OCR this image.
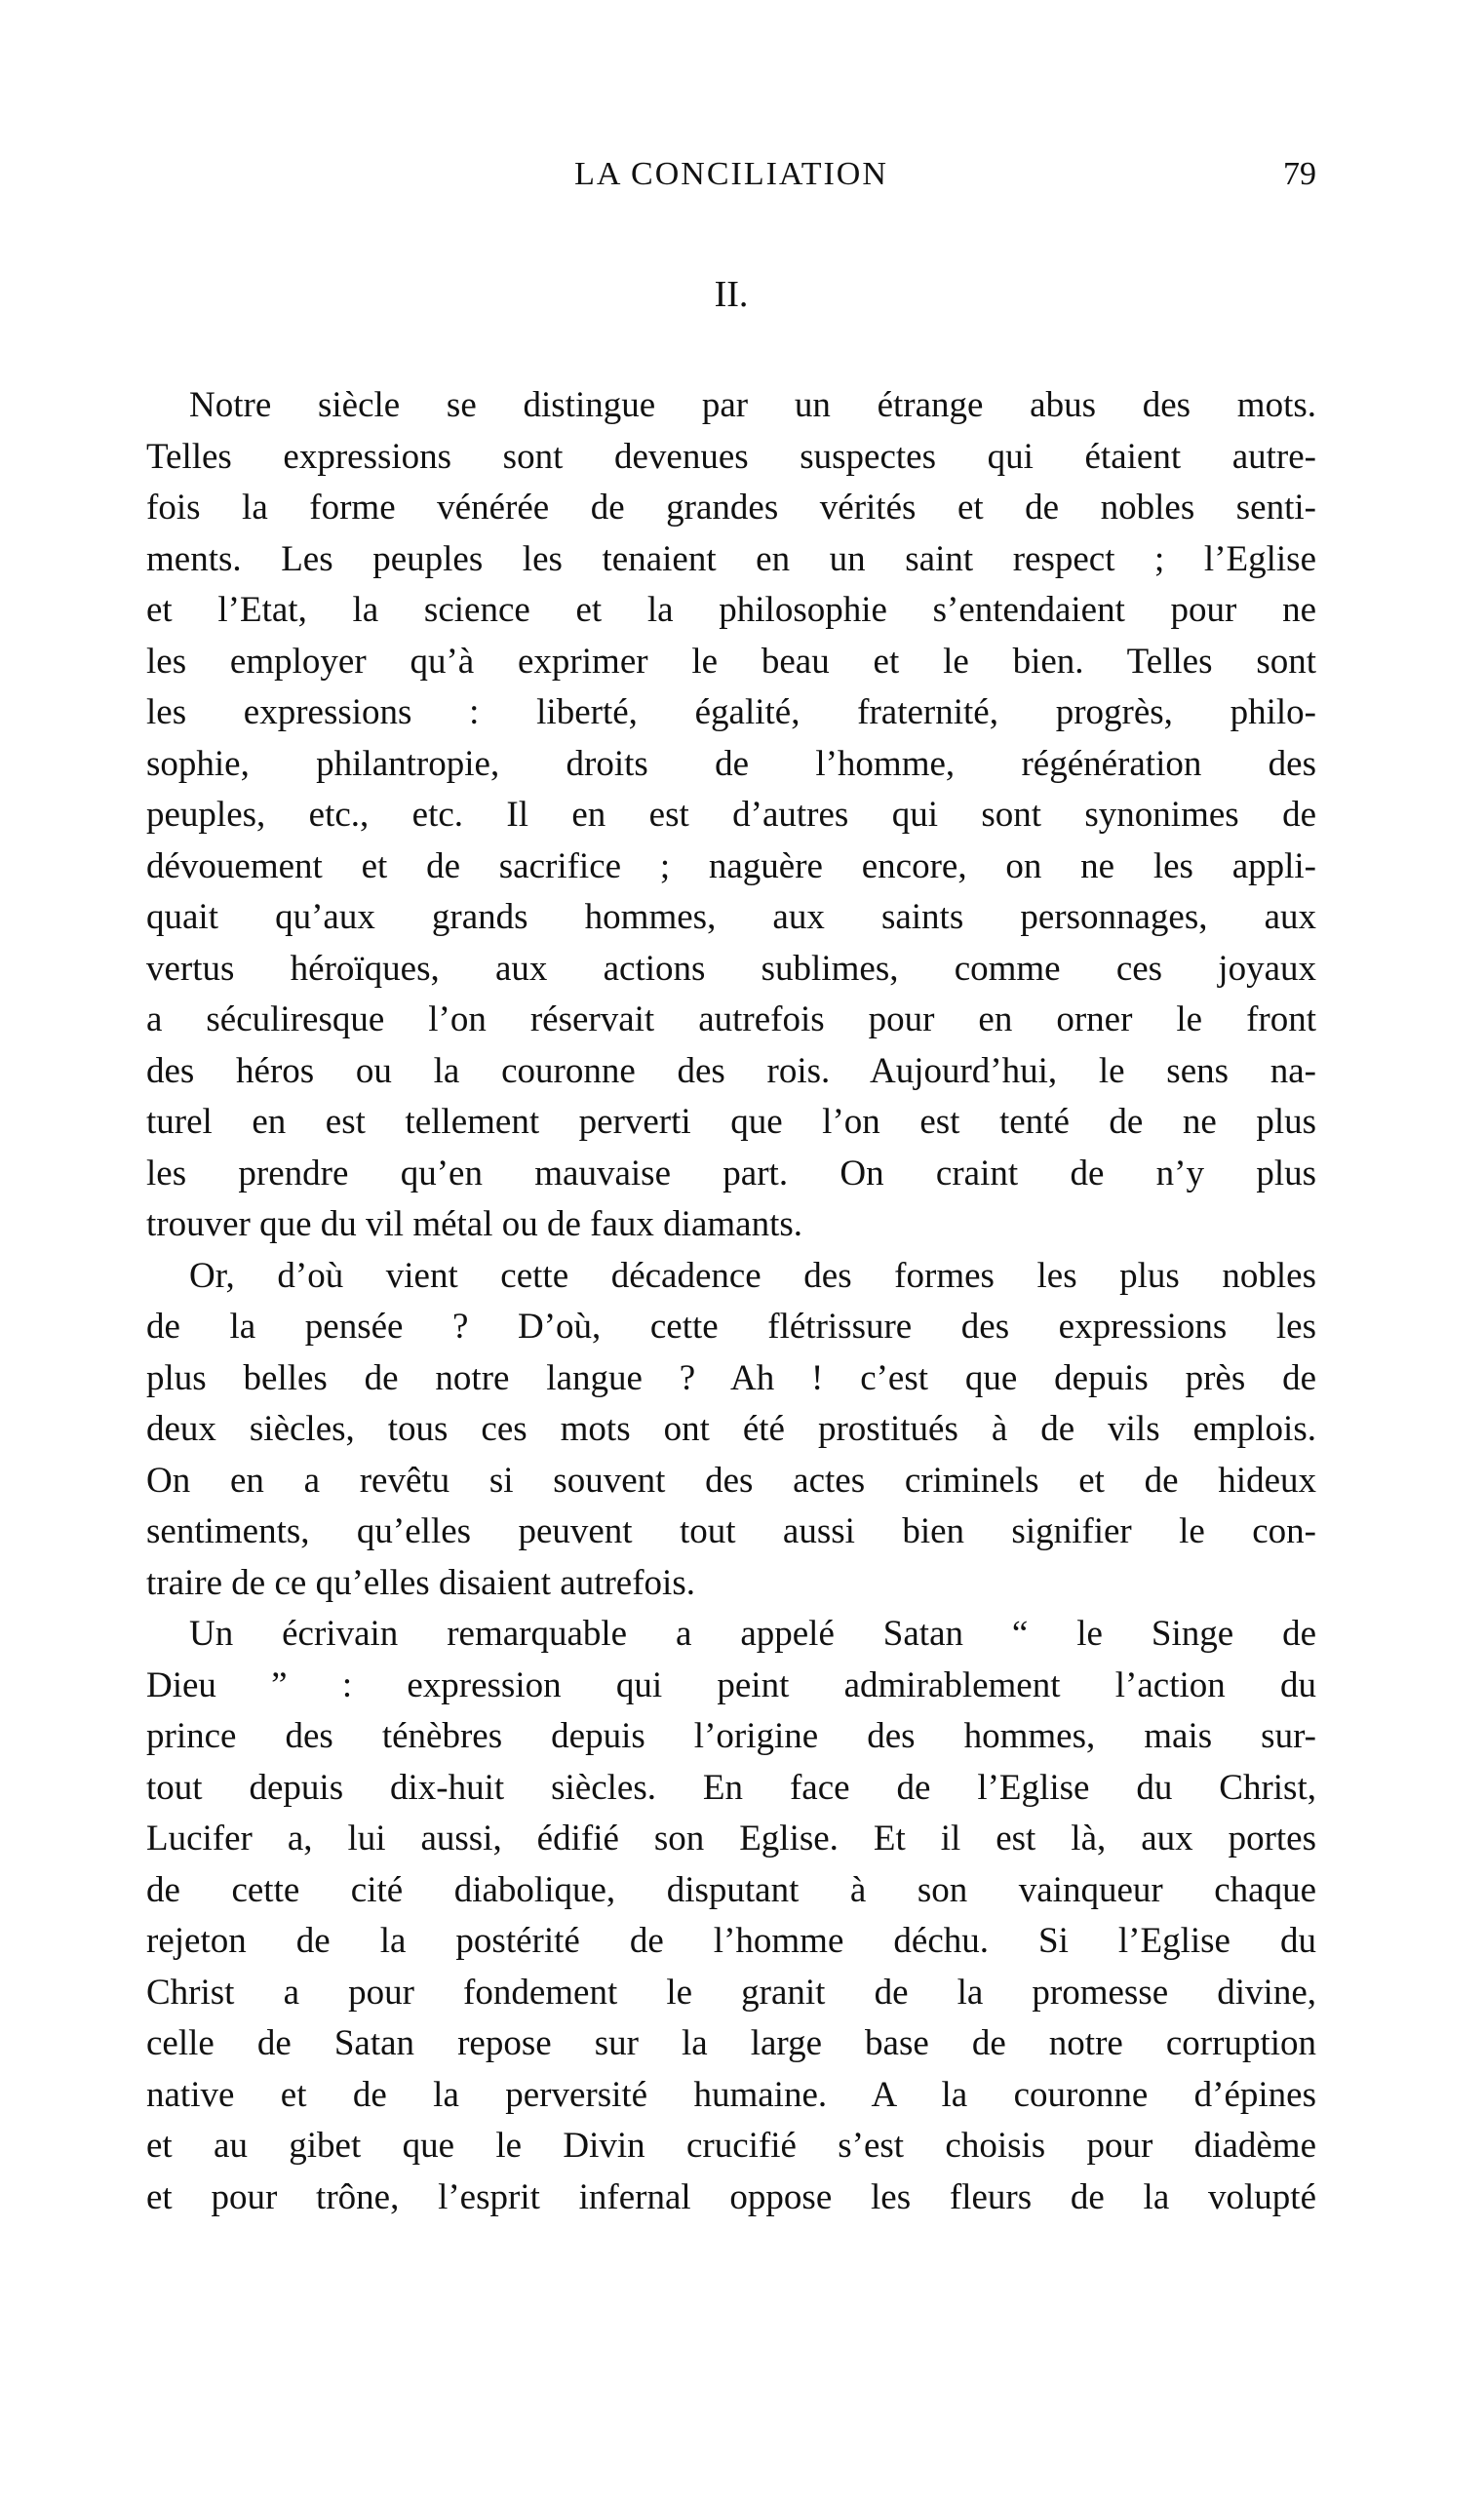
LA CONCILIATION	79
II.
Notre siècle se distingue par un étrange abus des mots.
Telles expressions sont devenues suspectes qui étaient autre-
fois la forme vénérée de grandes vérités et de nobles senti-
ments. Les peuples les tenaient en un saint respect ; l’Eglise
et l’Etat, la science et la philosophie s’entendaient pour ne
les employer qu’à exprimer le beau et le bien. Telles sont
les expressions : liberté, égalité, fraternité, progrès, philo-
sophie, philantropie, droits de l’homme, régénération des
peuples, etc., etc. Il en est d’autres qui sont synonimes de
dévouement et de sacrifice ; naguère encore, on ne les appli-
quait qu’aux grands hommes, aux saints personnages, aux
vertus héroïques, aux actions sublimes, comme ces joyaux
a séculiresque l’on réservait autrefois pour en orner le front
des héros ou la couronne des rois. Aujourd’hui, le sens na-
turel en est tellement perverti que l’on est tenté de ne plus
les prendre qu’en mauvaise part. On craint de n’y plus
trouver que du vil métal ou de faux diamants.
Or, d’où vient cette décadence des formes les plus nobles
de la pensée ? D’où, cette flétrissure des expressions les
plus belles de notre langue ? Ah ! c’est que depuis près de
deux siècles, tous ces mots ont été prostitués à de vils emplois.
On en a revêtu si souvent des actes criminels et de hideux
sentiments, qu’elles peuvent tout aussi bien signifier le con-
traire de ce qu’elles disaient autrefois.
Un écrivain remarquable a appelé Satan “ le Singe de
Dieu ” : expression qui peint admirablement l’action du
prince des ténèbres depuis l’origine des hommes, mais sur-
tout depuis dix-huit siècles. En face de l’Eglise du Christ,
Lucifer a, lui aussi, édifié son Eglise. Et il est là, aux portes
de cette cité diabolique, disputant à son vainqueur chaque
rejeton de la postérité de l’homme déchu. Si l’Eglise du
Christ a pour fondement le granit de la promesse divine,
celle de Satan repose sur la large base de notre corruption
native et de la perversité humaine. A la couronne d’épines
et au gibet que le Divin crucifié s’est choisis pour diadème
et pour trône, l’esprit infernal oppose les fleurs de la volupté
